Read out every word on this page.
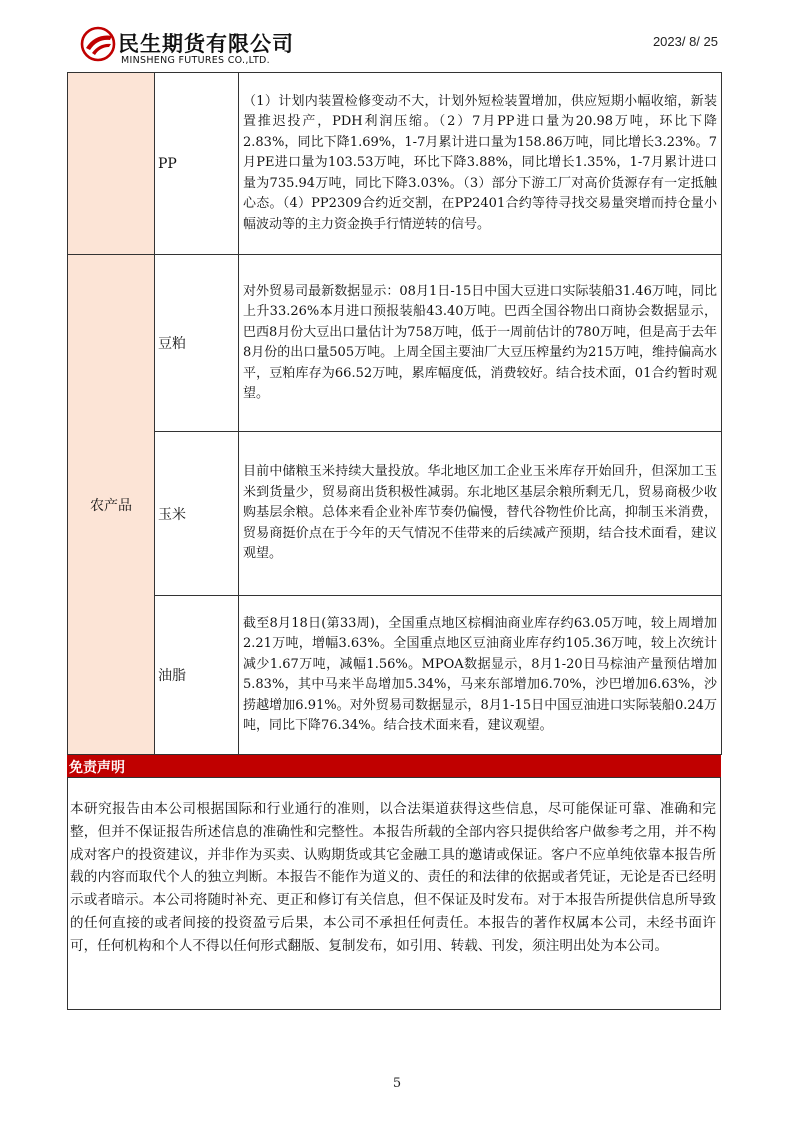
民生期货有限公司
MINSHENG FUTURES CO.,LTD.
2023/ 8/ 25
	PP	（1）计划内装置检修变动不大，计划外短检装置增加，供应短期小幅收缩，新装置推迟投产，PDH利润压缩。（2）7月PP进口量为20.98万吨，环比下降2.83%，同比下降1.69%，1-7月累计进口量为158.86万吨，同比增长3.23%。7月PE进口量为103.53万吨，环比下降3.88%，同比增长1.35%，1-7月累计进口量为735.94万吨，同比下降3.03%。（3）部分下游工厂对高价货源存有一定抵触心态。（4）PP2309合约近交割，在PP2401合约等待寻找交易量突增而持仓量小幅波动等的主力资金换手行情逆转的信号。
农产品	豆粕	对外贸易司最新数据显示：08月1日-15日中国大豆进口实际装船31.46万吨，同比上升33.26%本月进口预报装船43.40万吨。巴西全国谷物出口商协会数据显示，巴西8月份大豆出口量估计为758万吨，低于一周前估计的780万吨，但是高于去年8月份的出口量505万吨。上周全国主要油厂大豆压榨量约为215万吨，维持偏高水平，豆粕库存为66.52万吨，累库幅度低，消费较好。结合技术面，01合约暂时观望。
	玉米	目前中储粮玉米持续大量投放。华北地区加工企业玉米库存开始回升，但深加工玉米到货量少，贸易商出货积极性减弱。东北地区基层余粮所剩无几，贸易商极少收购基层余粮。总体来看企业补库节奏仍偏慢，替代谷物性价比高，抑制玉米消费，贸易商挺价点在于今年的天气情况不佳带来的后续减产预期，结合技术面看，建议观望。
	油脂	截至8月18日(第33周)，全国重点地区棕榈油商业库存约63.05万吨，较上周增加2.21万吨，增幅3.63%。全国重点地区豆油商业库存约105.36万吨，较上次统计减少1.67万吨，减幅1.56%。MPOA数据显示，8月1-20日马棕油产量预估增加5.83%，其中马来半岛增加5.34%，马来东部增加6.70%，沙巴增加6.63%，沙捞越增加6.91%。对外贸易司数据显示，8月1-15日中国豆油进口实际装船0.24万吨，同比下降76.34%。结合技术面来看，建议观望。
免责声明
本研究报告由本公司根据国际和行业通行的准则，以合法渠道获得这些信息，尽可能保证可靠、准确和完整，但并不保证报告所述信息的准确性和完整性。本报告所载的全部内容只提供给客户做参考之用，并不构成对客户的投资建议，并非作为买卖、认购期货或其它金融工具的邀请或保证。客户不应单纯依靠本报告所载的内容而取代个人的独立判断。本报告不能作为道义的、责任的和法律的依据或者凭证，无论是否已经明示或者暗示。本公司将随时补充、更正和修订有关信息，但不保证及时发布。对于本报告所提供信息所导致的任何直接的或者间接的投资盈亏后果，本公司不承担任何责任。本报告的著作权属本公司，未经书面许可，任何机构和个人不得以任何形式翻版、复制发布，如引用、转载、刊发，须注明出处为本公司。
5
